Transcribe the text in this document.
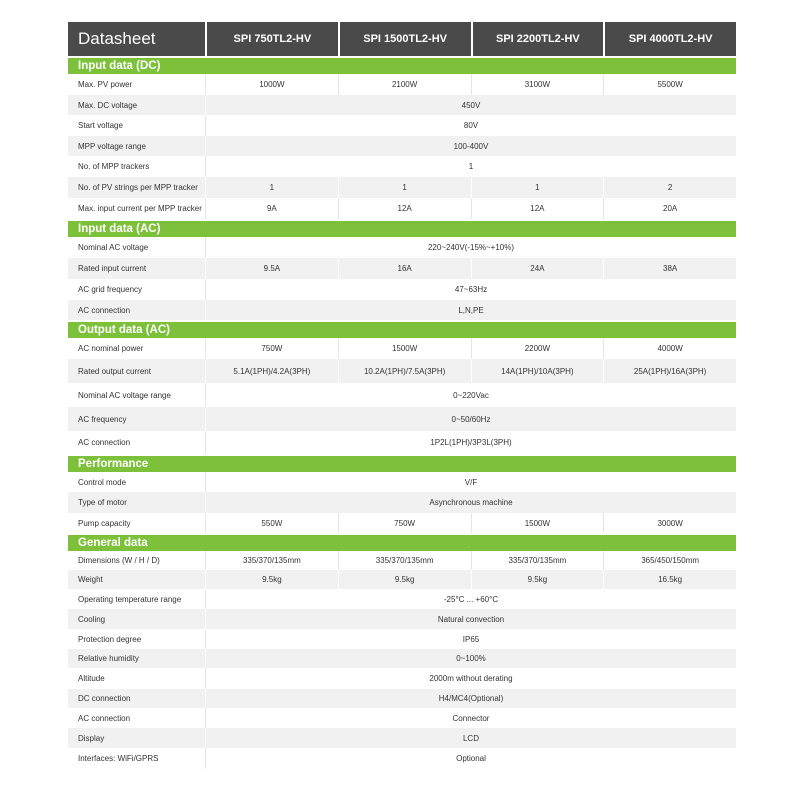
Datasheet	SPI 750TL2-HV	SPI 1500TL2-HV	SPI 2200TL2-HV	SPI 4000TL2-HV
Input data (DC)
Max. PV power	1000W	2100W	3100W	5500W
Max. DC voltage	450V
Start voltage	80V
MPP voltage range	100-400V
No. of MPP trackers	1
No. of PV strings per MPP tracker	1	1	1	2
Max. input current per MPP tracker	9A	12A	12A	20A
Input data (AC)
Nominal AC voltage	220~240V(-15%~+10%)
Rated input current	9.5A	16A	24A	38A
AC grid frequency	47~63Hz
AC connection	L,N,PE
Output data (AC)
AC nominal power	750W	1500W	2200W	4000W
Rated output current	5.1A(1PH)/4.2A(3PH)	10.2A(1PH)/7.5A(3PH)	14A(1PH)/10A(3PH)	25A(1PH)/16A(3PH)
Nominal AC voltage range	0~220Vac
AC frequency	0~50/60Hz
AC connection	1P2L(1PH)/3P3L(3PH)
Performance
Control mode	V/F
Type of motor	Asynchronous machine
Pump capacity	550W	750W	1500W	3000W
General data
Dimensions (W / H / D)	335/370/135mm	335/370/135mm	335/370/135mm	365/450/150mm
Weight	9.5kg	9.5kg	9.5kg	16.5kg
Operating temperature range	-25°C ... +60°C
Cooling	Natural convection
Protection degree	IP65
Relative humidity	0~100%
Altitude	2000m without derating
DC connection	H4/MC4(Optional)
AC connection	Connector
Display	LCD
Interfaces: WiFi/GPRS	Optional
